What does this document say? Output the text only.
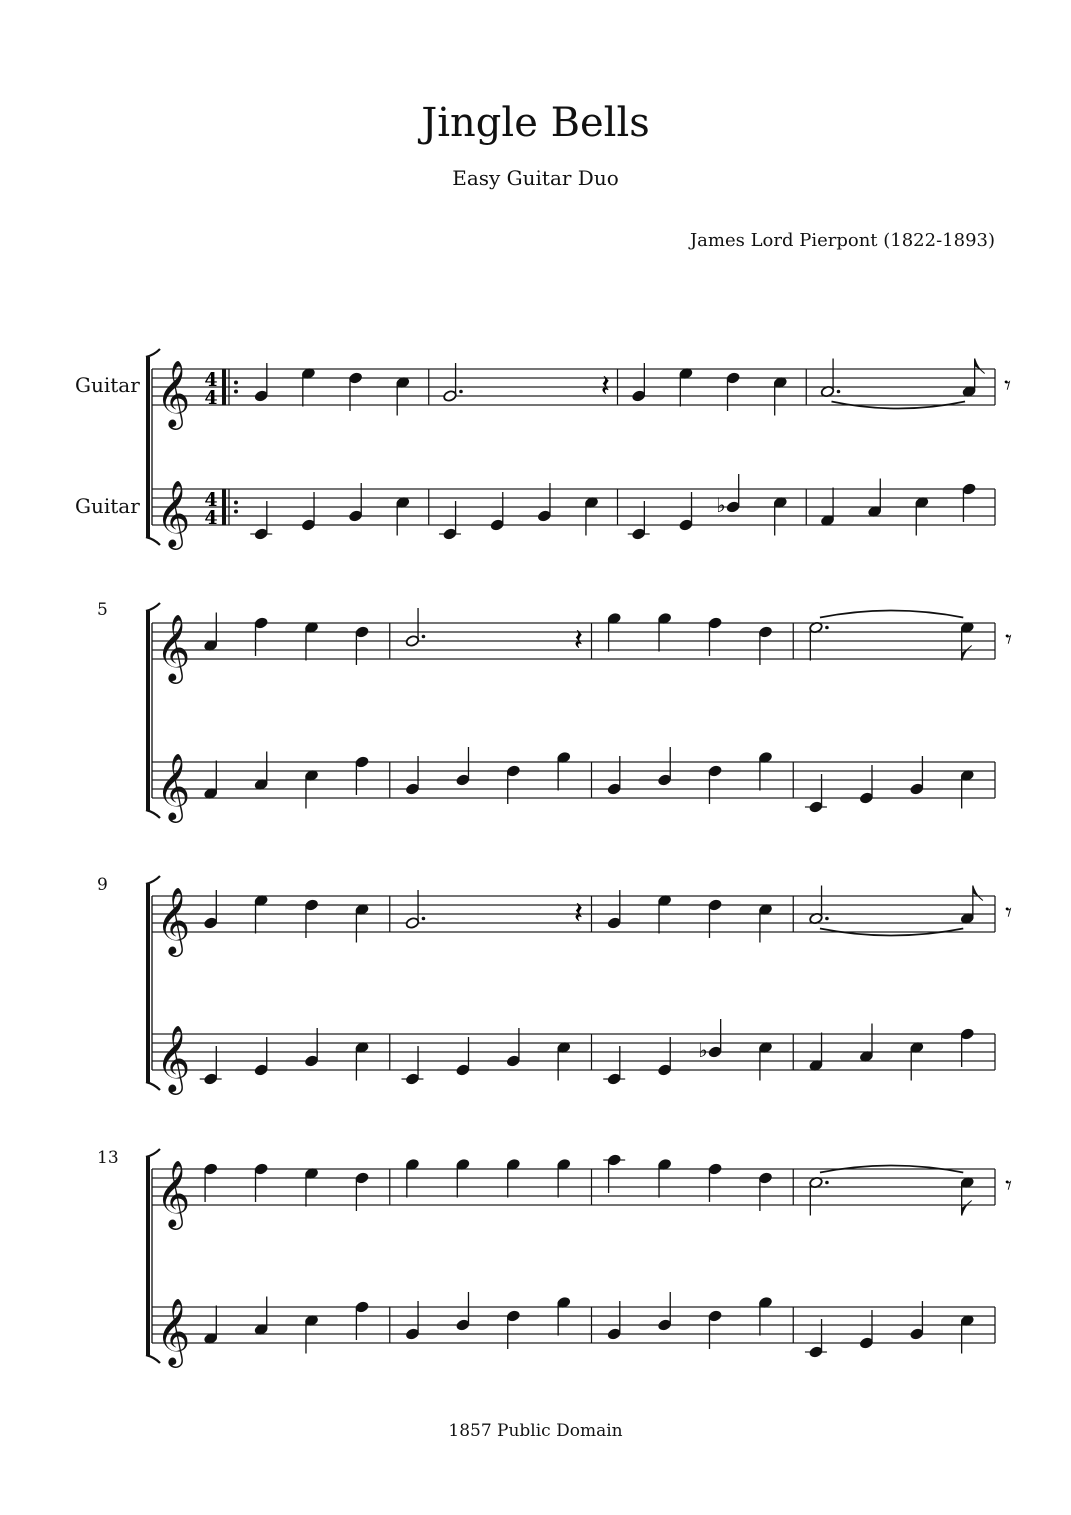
Jingle Bells
Easy Guitar Duo
James Lord Pierpont (1822-1893)
Guitar
Guitar
5
9
13
𝄞
𝄞
4
4
4
4
𝄽	𝄾
♭
𝄞
𝄞
𝄽	𝄾
𝄞
𝄞
𝄽	𝄾
♭
𝄞
𝄞
𝄾
1857 Public Domain
